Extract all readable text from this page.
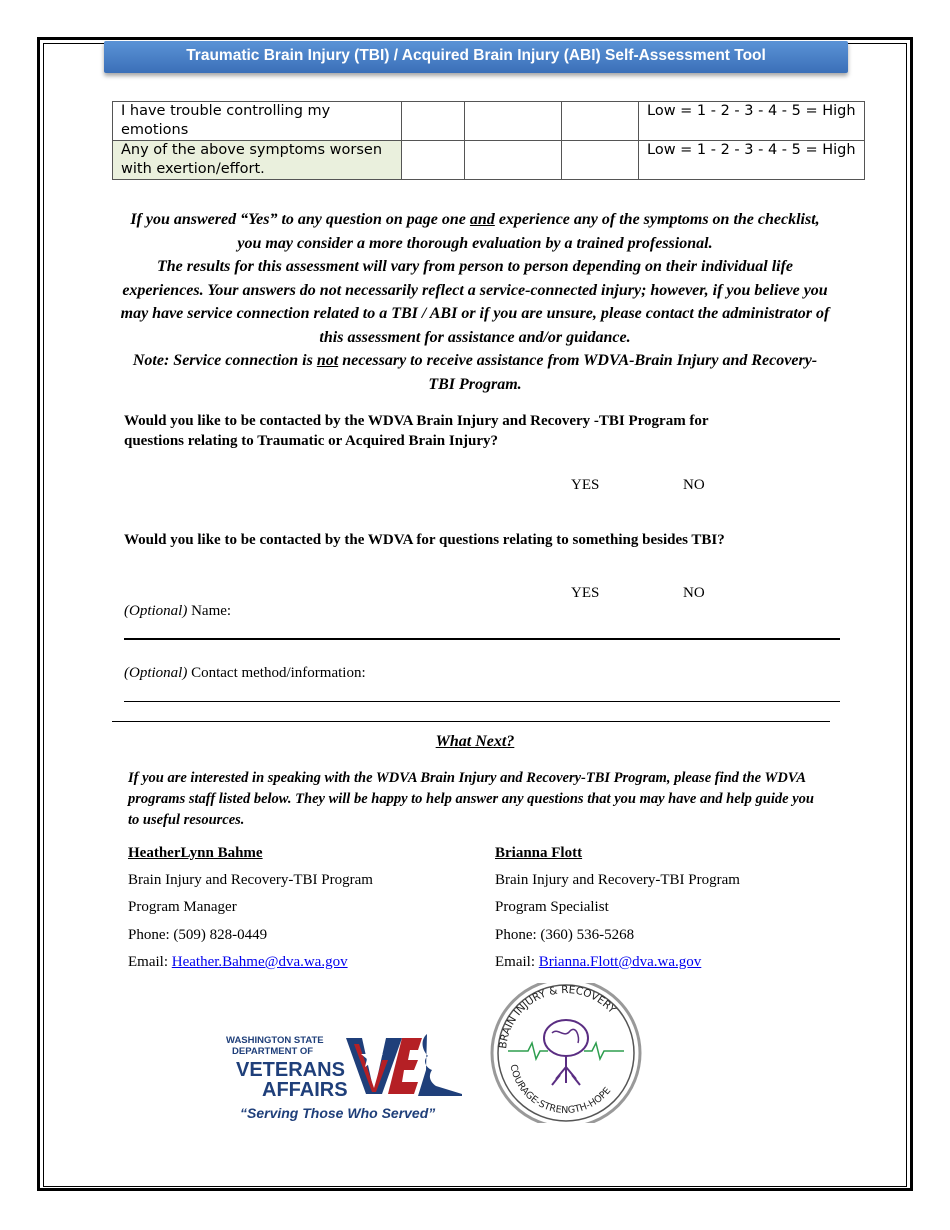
Traumatic Brain Injury (TBI) / Acquired Brain Injury (ABI) Self-Assessment Tool
I have trouble controlling my emotions				Low = 1 - 2 - 3 - 4 - 5 = High
Any of the above symptoms worsen with exertion/effort.				Low = 1 - 2 - 3 - 4 - 5 = High

If you answered “Yes” to any question on page one and experience any of the symptoms on the checklist, you may consider a more thorough evaluation by a trained professional.

The results for this assessment will vary from person to person depending on their individual life experiences. Your answers do not necessarily reflect a service-connected injury; however, if you believe you may have service connection related to a TBI / ABI or if you are unsure, please contact the administrator of this assessment for assistance and/or guidance.

Note: Service connection is not necessary to receive assistance from WDVA-Brain Injury and Recovery-TBI Program.

Would you like to be contacted by the WDVA Brain Injury and Recovery -TBI Program for questions relating to Traumatic or Acquired Brain Injury?
YES	NO
Would you like to be contacted by the WDVA for questions relating to something besides TBI?
YES	NO
(Optional) Name:
(Optional) Contact method/information:
What Next?
If you are interested in speaking with the WDVA Brain Injury and Recovery-TBI Program, please find the WDVA programs staff listed below. They will be happy to help answer any questions that you may have and help guide you to useful resources.
HeatherLynn Bahme
Brain Injury and Recovery-TBI Program
Program Manager
Phone: (509) 828-0449
Email: Heather.Bahme@dva.wa.gov
Brianna Flott
Brain Injury and Recovery-TBI Program
Program Specialist
Phone: (360) 536-5268
Email: Brianna.Flott@dva.wa.gov
WASHINGTON STATE
DEPARTMENT OF
VETERANS
AFFAIRS
“Serving Those Who Served”
BRAIN INJURY & RECOVERY
COURAGE-STRENGTH-HOPE
